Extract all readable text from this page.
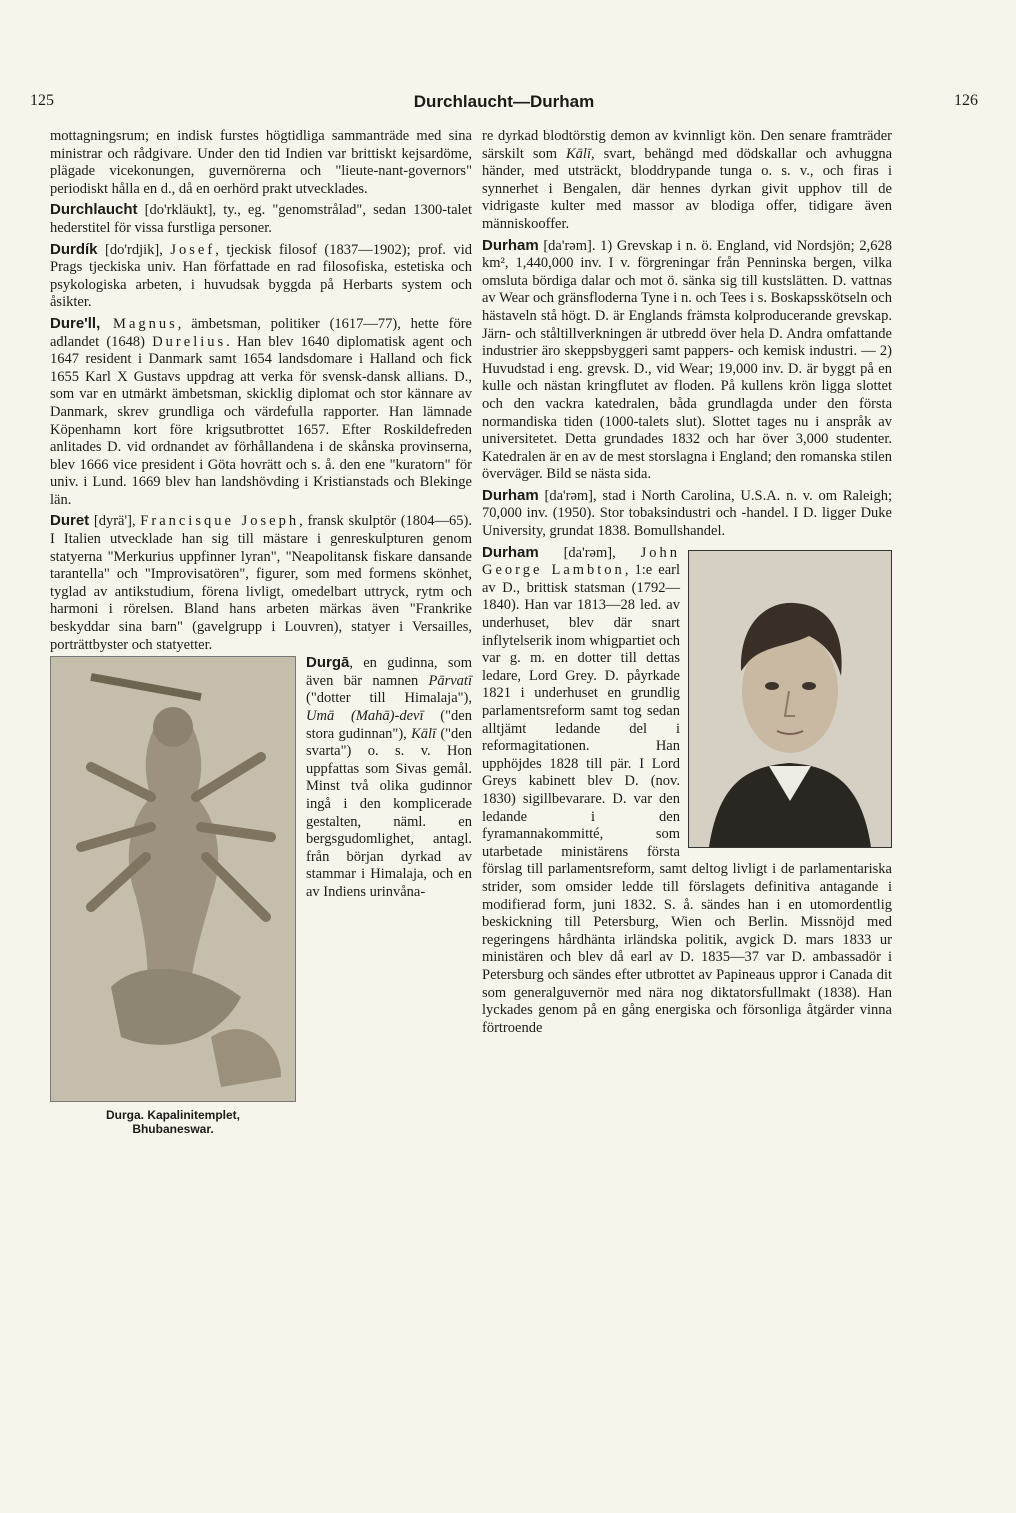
125	Durchlaucht—Durham	126

mottagningsrum; en indisk furstes högtidliga sammanträde med sina ministrar och rådgivare. Under den tid Indien var brittiskt kejsardöme, plägade vicekonungen, guvernörerna och "lieute-nant-governors" periodiskt hålla en d., då en oerhörd prakt utvecklades.

Durchlaucht [do'rkläukt], ty., eg. "genomstrålad", sedan 1300-talet hederstitel för vissa furstliga personer.

Durdík [do'rdjik], Josef, tjeckisk filosof (1837—1902); prof. vid Prags tjeckiska univ. Han författade en rad filosofiska, estetiska och psykologiska arbeten, i huvudsak byggda på Herbarts system och åsikter.

Dure'll, Magnus, ämbetsman, politiker (1617—77), hette före adlandet (1648) Durelius. Han blev 1640 diplomatisk agent och 1647 resident i Danmark samt 1654 landsdomare i Halland och fick 1655 Karl X Gustavs uppdrag att verka för svensk-dansk allians. D., som var en utmärkt ämbetsman, skicklig diplomat och stor kännare av Danmark, skrev grundliga och värdefulla rapporter. Han lämnade Köpenhamn kort före krigsutbrottet 1657. Efter Roskildefreden anlitades D. vid ordnandet av förhållandena i de skånska provinserna, blev 1666 vice president i Göta hovrätt och s. å. den ene "kuratorn" för univ. i Lund. 1669 blev han landshövding i Kristianstads och Blekinge län.

Duret [dyrä'], Francisque Joseph, fransk skulptör (1804—65). I Italien utvecklade han sig till mästare i genreskulpturen genom statyerna "Merkurius uppfinner lyran", "Neapolitansk fiskare dansande tarantella" och "Improvisatören", figurer, som med formens skönhet, tyglad av antikstudium, förena livligt, omedelbart uttryck, rytm och harmoni i rörelsen. Bland hans arbeten märkas även "Frankrike beskyddar sina barn" (gavelgrupp i Louvren), statyer i Versailles, porträttbyster och statyetter.

Durga. Kapalinitemplet,
Bhubaneswar.

Durgā, en gudinna, som även bär namnen Pārvatī ("dotter till Himalaja"), Umā (Mahā)-devī ("den stora gudinnan"), Kālī ("den svarta") o. s. v. Hon uppfattas som Sivas gemål. Minst två olika gudinnor ingå i den komplicerade gestalten, näml. en bergsgudomlighet, antagl. från början dyrkad av stammar i Himalaja, och en av Indiens urinvåna-

re dyrkad blodtörstig demon av kvinnligt kön. Den senare framträder särskilt som Kālī, svart, behängd med dödskallar och avhuggna händer, med utsträckt, bloddrypande tunga o. s. v., och firas i synnerhet i Bengalen, där hennes dyrkan givit upphov till de vidrigaste kulter med massor av blodiga offer, tidigare även människooffer.

Durham [da'rəm]. 1) Grevskap i n. ö. England, vid Nordsjön; 2,628 km², 1,440,000 inv. I v. förgreningar från Penninska bergen, vilka omsluta bördiga dalar och mot ö. sänka sig till kustslätten. D. vattnas av Wear och gränsfloderna Tyne i n. och Tees i s. Boskapsskötseln och hästaveln stå högt. D. är Englands främsta kolproducerande grevskap. Järn- och ståltillverkningen är utbredd över hela D. Andra omfattande industrier äro skeppsbyggeri samt pappers- och kemisk industri. — 2) Huvudstad i eng. grevsk. D., vid Wear; 19,000 inv. D. är byggt på en kulle och nästan kringflutet av floden. På kullens krön ligga slottet och den vackra katedralen, båda grundlagda under den första normandiska tiden (1000-talets slut). Slottet tages nu i anspråk av universitetet. Detta grundades 1832 och har över 3,000 studenter. Katedralen är en av de mest storslagna i England; den romanska stilen överväger. Bild se nästa sida.

Durham [da'rəm], stad i North Carolina, U.S.A. n. v. om Raleigh; 70,000 inv. (1950). Stor tobaksindustri och -handel. I D. ligger Duke University, grundat 1838. Bomullshandel.

Durham [da'rəm], John George Lambton, 1:e earl av D., brittisk statsman (1792—1840). Han var 1813—28 led. av underhuset, blev där snart inflytelserik inom whigpartiet och var g. m. en dotter till dettas ledare, Lord Grey. D. påyrkade 1821 i underhuset en grundlig parlamentsreform samt tog sedan alltjämt ledande del i reformagitationen. Han upphöjdes 1828 till pär. I Lord Greys kabinett blev D. (nov. 1830) sigillbevarare. D. var den ledande i den fyramannakommitté, som utarbetade ministärens första förslag till parlamentsreform, samt deltog livligt i de parlamentariska strider, som omsider ledde till förslagets definitiva antagande i modifierad form, juni 1832. S. å. sändes han i en utomordentlig beskickning till Petersburg, Wien och Berlin. Missnöjd med regeringens hårdhänta irländska politik, avgick D. mars 1833 ur ministären och blev då earl av D. 1835—37 var D. ambassadör i Petersburg och sändes efter utbrottet av Papineaus uppror i Canada dit som generalguvernör med nära nog diktatorsfullmakt (1838). Han lyckades genom på en gång energiska och försonliga åtgärder vinna förtroende
